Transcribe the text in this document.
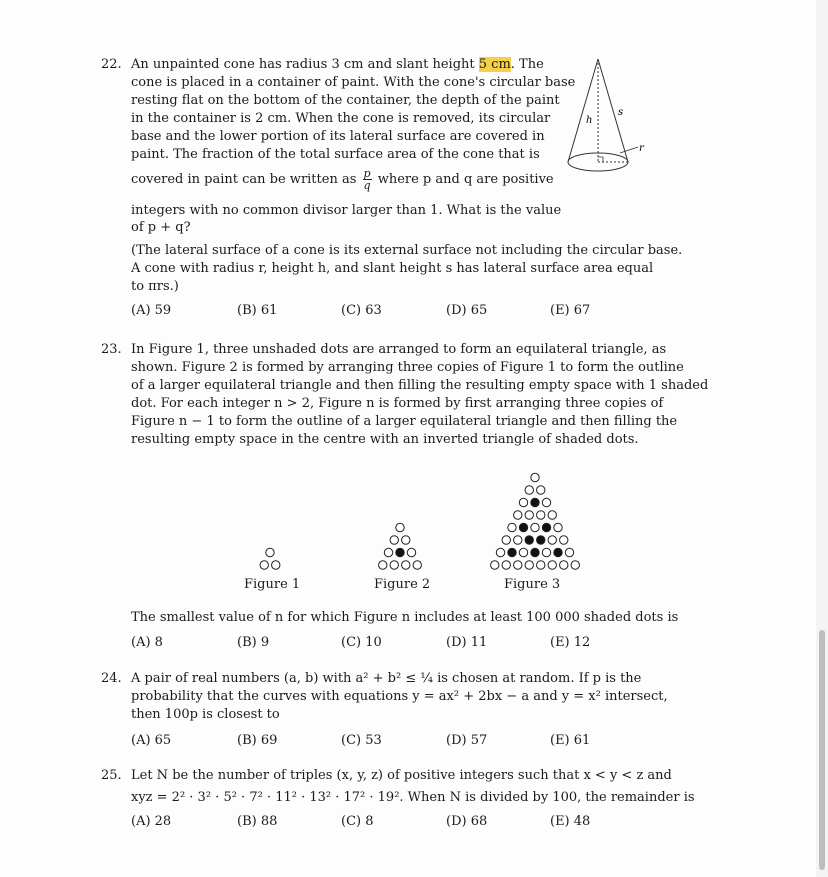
22. An unpainted cone has radius 3 cm and slant height 5 cm. The
cone is placed in a container of paint. With the cone's circular base
resting flat on the bottom of the container, the depth of the paint
in the container is 2 cm. When the cone is removed, its circular
base and the lower portion of its lateral surface are covered in
paint. The fraction of the total surface area of the cone that is
covered in paint can be written as $\frac{p}{q}$ where p and q are positive
integers with no common divisor larger than 1. What is the value
of p + q?
(The lateral surface of a cone is its external surface not including the circular base.
A cone with radius r, height h, and slant height s has lateral surface area equal
to πrs.)
h
s
r
(A) 59	(B) 61	(C) 63	(D) 65	(E) 67
23. In Figure 1, three unshaded dots are arranged to form an equilateral triangle, as
shown. Figure 2 is formed by arranging three copies of Figure 1 to form the outline
of a larger equilateral triangle and then filling the resulting empty space with 1 shaded
dot. For each integer n > 2, Figure n is formed by first arranging three copies of
Figure n − 1 to form the outline of a larger equilateral triangle and then filling the
resulting empty space in the centre with an inverted triangle of shaded dots.
Figure 1	Figure 2	Figure 3
The smallest value of n for which Figure n includes at least 100 000 shaded dots is
(A) 8	(B) 9	(C) 10	(D) 11	(E) 12
24. A pair of real numbers (a, b) with a² + b² ≤ ¼ is chosen at random. If p is the
probability that the curves with equations y = ax² + 2bx − a and y = x² intersect,
then 100p is closest to
(A) 65	(B) 69	(C) 53	(D) 57	(E) 61
25. Let N be the number of triples (x, y, z) of positive integers such that x < y < z and
xyz = 2² · 3² · 5² · 7² · 11² · 13² · 17² · 19². When N is divided by 100, the remainder is
(A) 28	(B) 88	(C) 8	(D) 68	(E) 48
